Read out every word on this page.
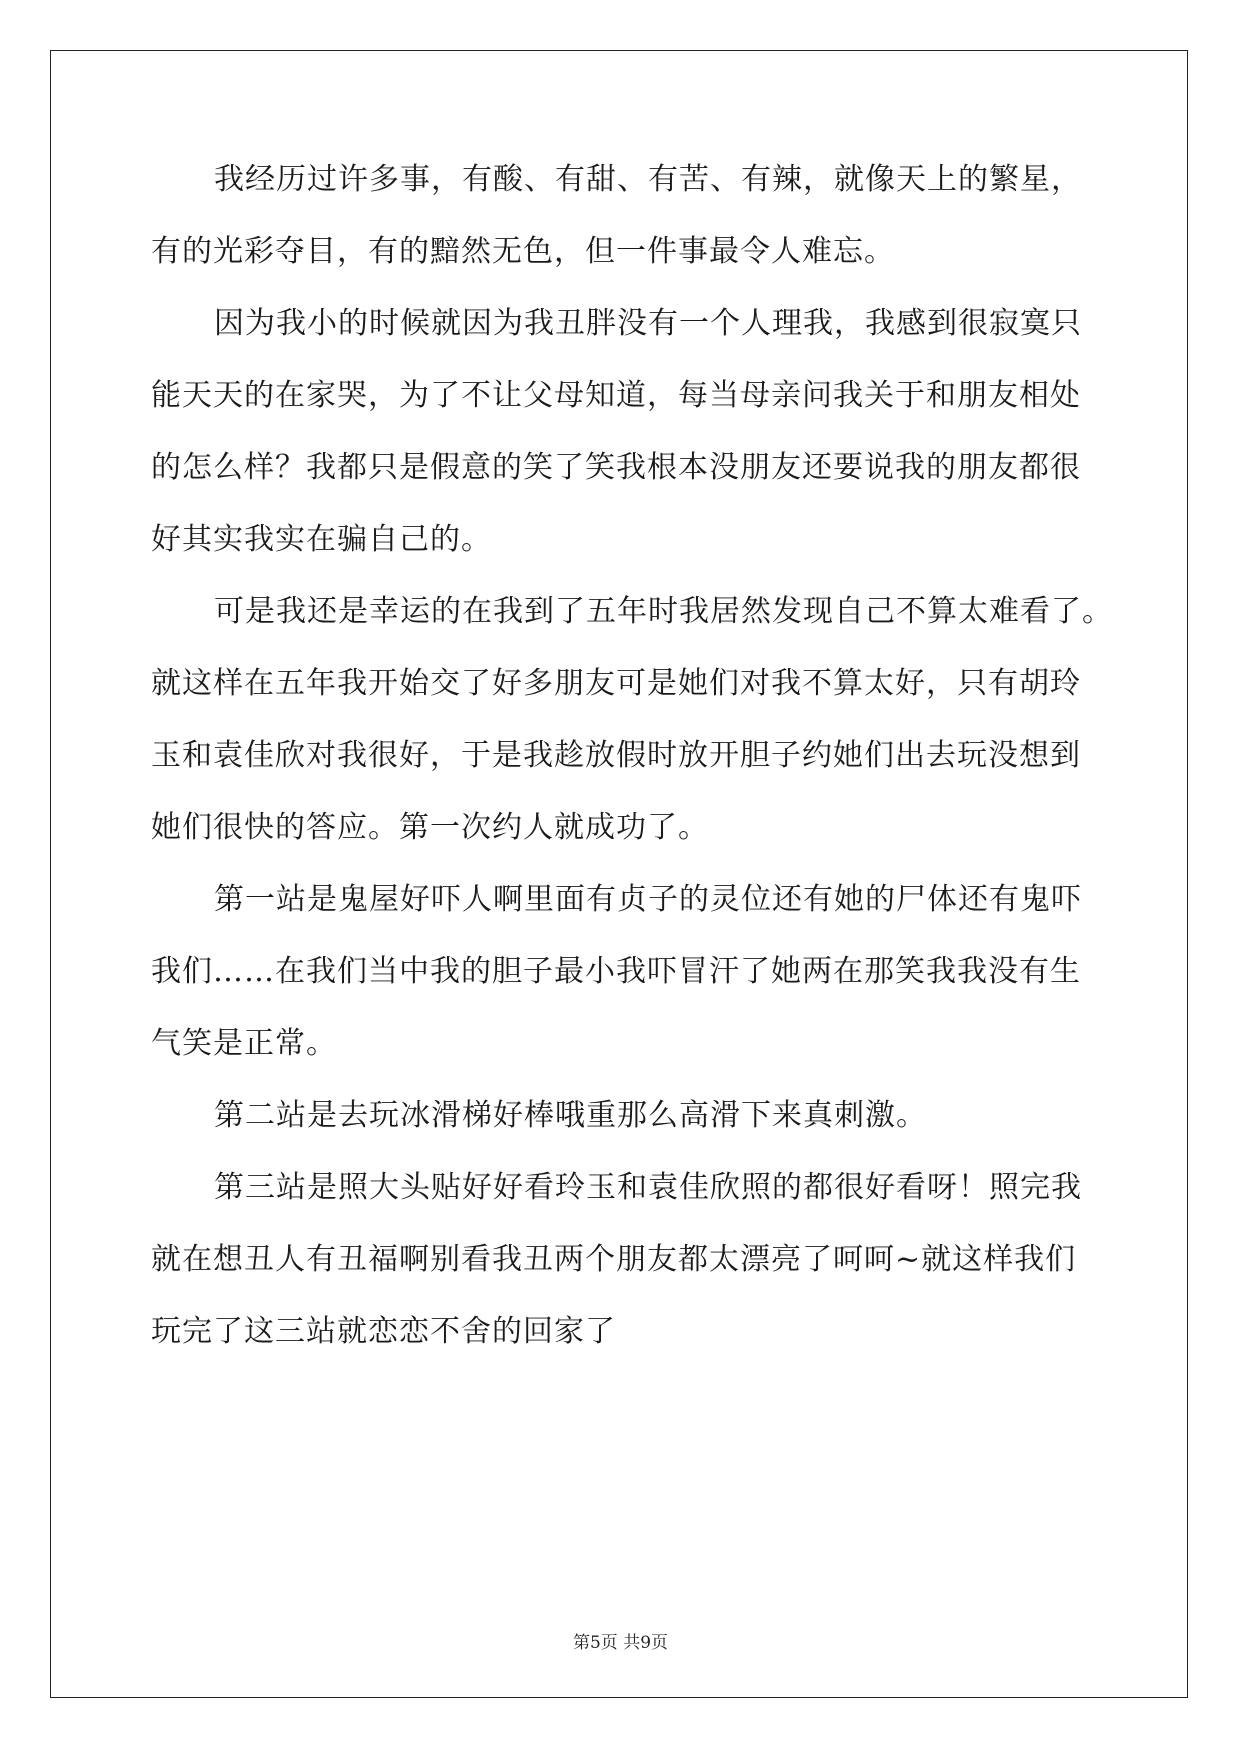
我经历过许多事，有酸、有甜、有苦、有辣，就像天上的繁星，
有的光彩夺目，有的黯然无色，但一件事最令人难忘。
因为我小的时候就因为我丑胖没有一个人理我，我感到很寂寞只
能天天的在家哭，为了不让父母知道，每当母亲问我关于和朋友相处
的怎么样？我都只是假意的笑了笑我根本没朋友还要说我的朋友都很
好其实我实在骗自己的。
可是我还是幸运的在我到了五年时我居然发现自己不算太难看了。
就这样在五年我开始交了好多朋友可是她们对我不算太好，只有胡玲
玉和袁佳欣对我很好，于是我趁放假时放开胆子约她们出去玩没想到
她们很快的答应。第一次约人就成功了。
第一站是鬼屋好吓人啊里面有贞子的灵位还有她的尸体还有鬼吓
我们……在我们当中我的胆子最小我吓冒汗了她两在那笑我我没有生
气笑是正常。
第二站是去玩冰滑梯好棒哦重那么高滑下来真刺激。
第三站是照大头贴好好看玲玉和袁佳欣照的都很好看呀！照完我
就在想丑人有丑福啊别看我丑两个朋友都太漂亮了呵呵~就这样我们
玩完了这三站就恋恋不舍的回家了
第5页 共9页
